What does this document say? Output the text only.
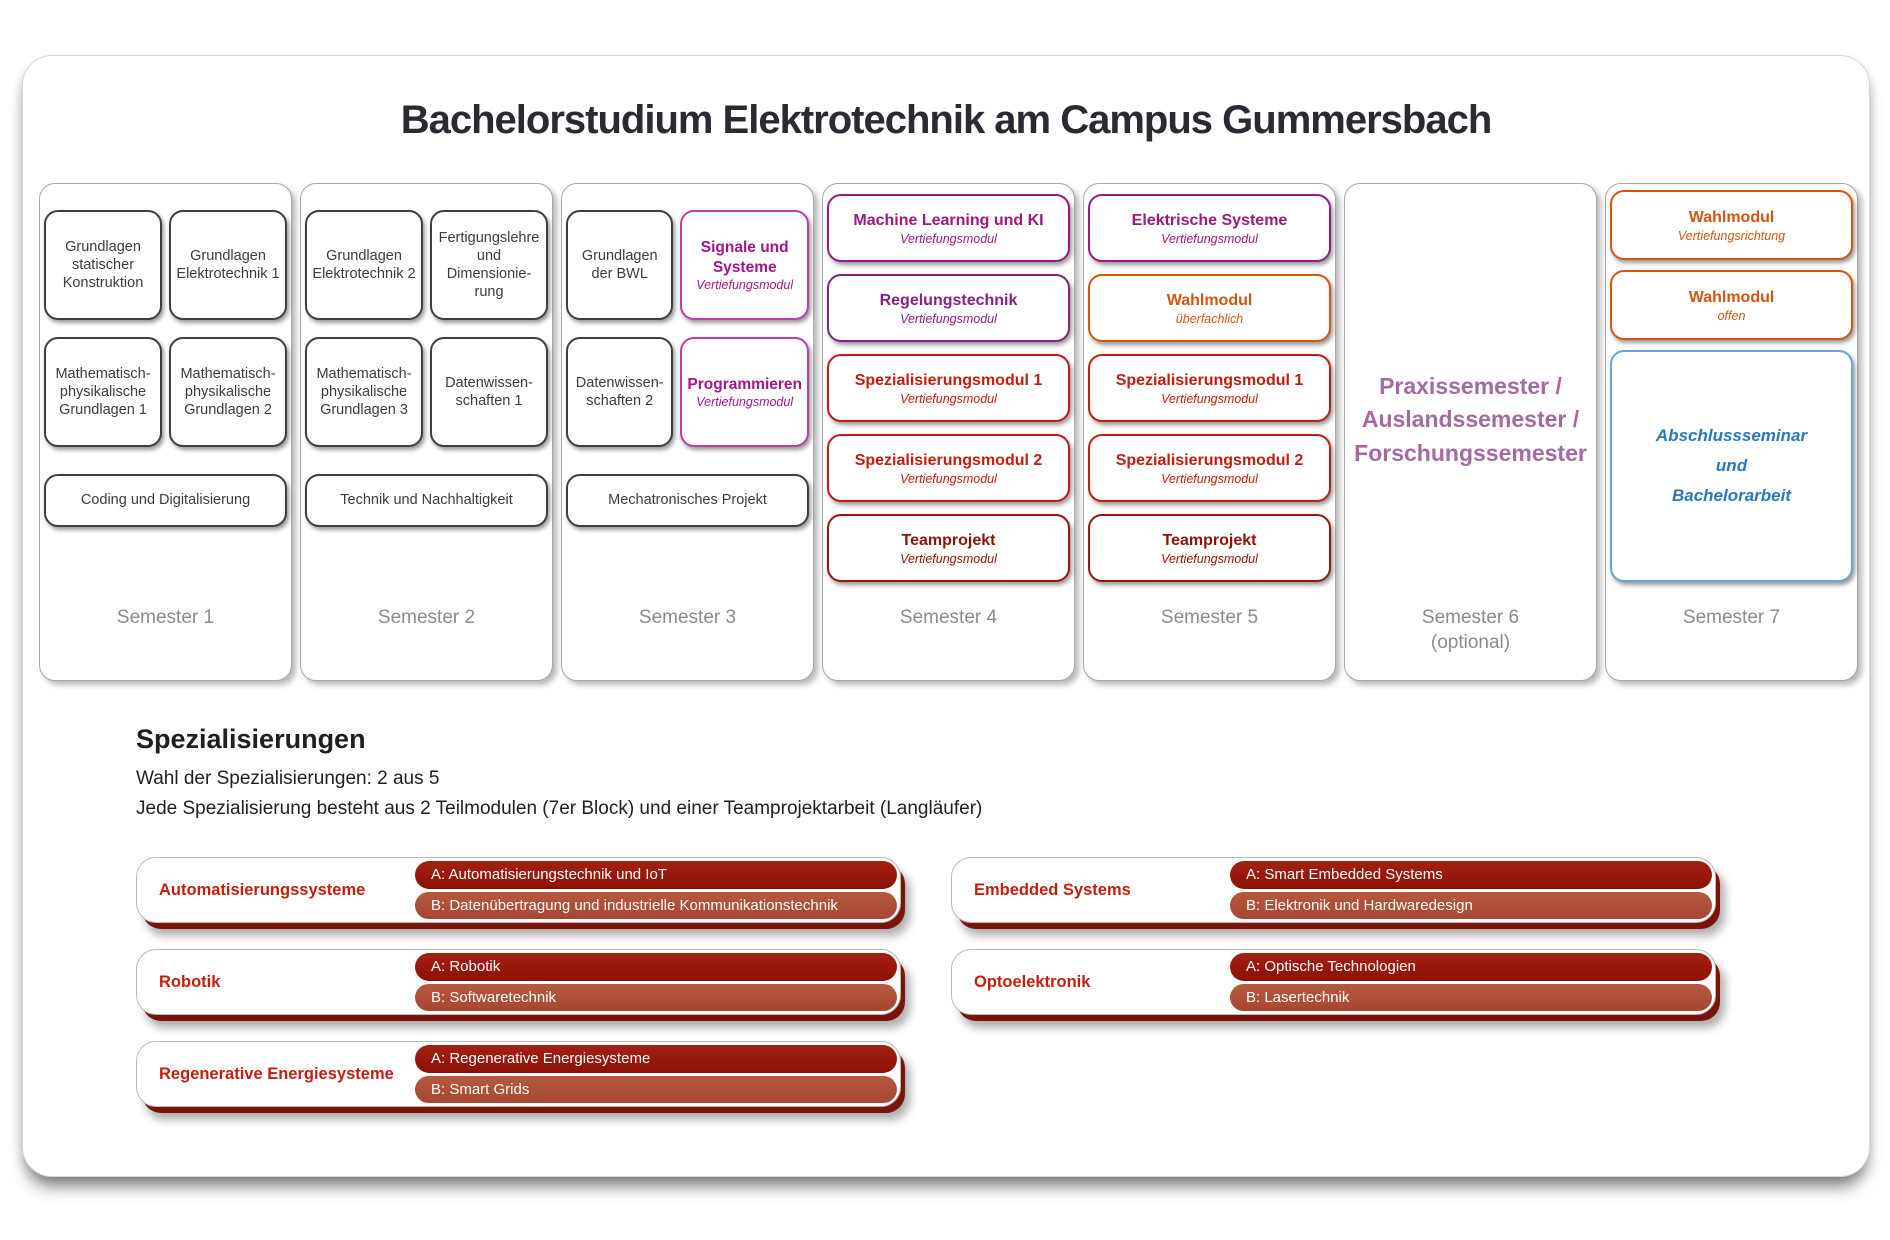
Bachelorstudium Elektrotechnik am Campus Gummersbach
Grundlagen statischer Konstruktion
Grundlagen Elektrotechnik 1
Mathematisch-physikalische Grundlagen 1
Mathematisch-physikalische Grundlagen 2
Coding und Digitalisierung
Semester 1
Grundlagen Elektrotechnik 2
Fertigungslehre und Dimensionie-rung
Mathematisch-physikalische Grundlagen 3
Datenwissen-schaften 1
Technik und Nachhaltigkeit
Semester 2
Grundlagen der BWL
Signale und Systeme
Vertiefungsmodul
Datenwissen-schaften 2
Programmieren
Vertiefungsmodul
Mechatronisches Projekt
Semester 3
Machine Learning und KI
Vertiefungsmodul
Regelungstechnik
Vertiefungsmodul
Spezialisierungsmodul 1
Vertiefungsmodul
Spezialisierungsmodul 2
Vertiefungsmodul
Teamprojekt
Vertiefungsmodul
Semester 4
Elektrische Systeme
Vertiefungsmodul
Wahlmodul
überfachlich
Spezialisierungsmodul 1
Vertiefungsmodul
Spezialisierungsmodul 2
Vertiefungsmodul
Teamprojekt
Vertiefungsmodul
Semester 5
Praxissemester /
Auslandssemester /
Forschungssemester
Semester 6
(optional)
Wahlmodul
Vertiefungsrichtung
Wahlmodul
offen
Abschlussseminar
und
Bachelorarbeit
Semester 7
Spezialisierungen
Wahl der Spezialisierungen: 2 aus 5
Jede Spezialisierung besteht aus 2 Teilmodulen (7er Block) und einer Teamprojektarbeit (Langläufer)
Automatisierungssysteme
A: Automatisierungstechnik und IoT
B: Datenübertragung und industrielle Kommunikationstechnik
Robotik
A: Robotik
B: Softwaretechnik
Regenerative Energiesysteme
A: Regenerative Energiesysteme
B: Smart Grids
Embedded Systems
A: Smart Embedded Systems
B: Elektronik und Hardwaredesign
Optoelektronik
A: Optische Technologien
B: Lasertechnik
